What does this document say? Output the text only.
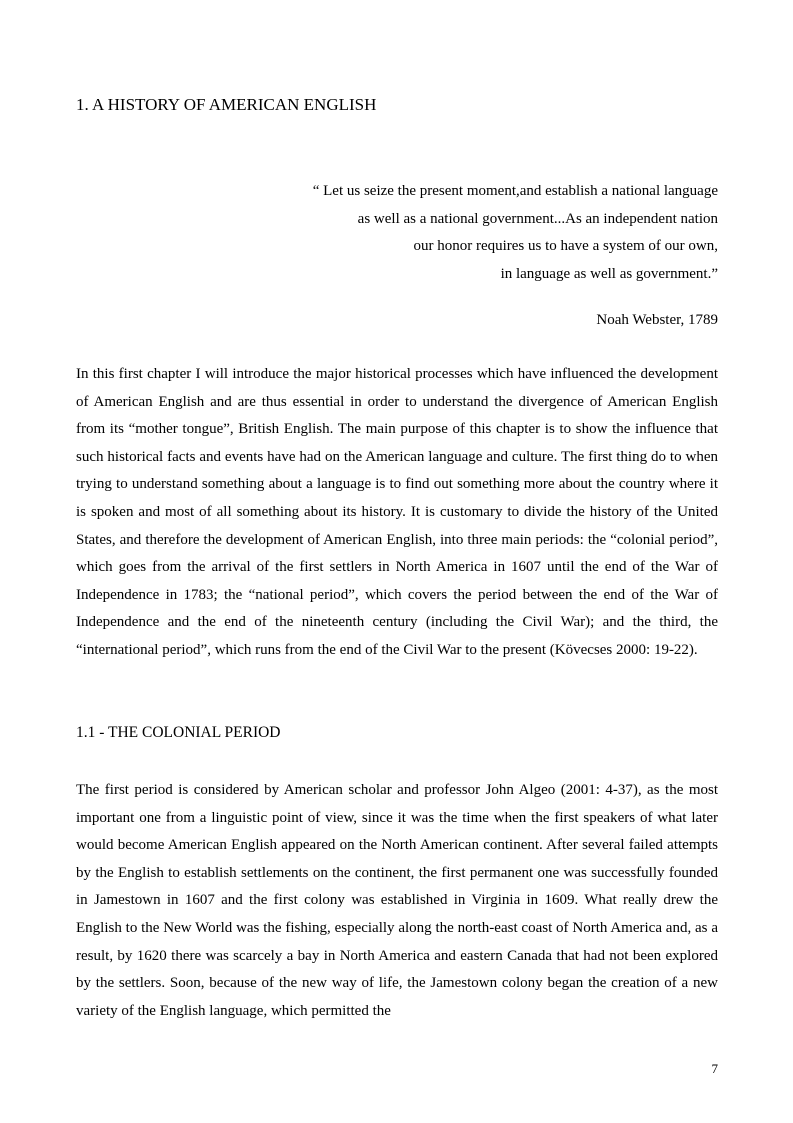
1. A HISTORY OF AMERICAN ENGLISH
“ Let us seize the present moment,and establish a national language
as well as a national government...As an independent nation
our honor requires us to have a system of our own,
in language as well as government.”
Noah Webster, 1789

In this first chapter I will introduce the major historical processes which have influenced the development of American English and are thus essential in order to understand the divergence of American English from its “mother tongue”, British English. The main purpose of this chapter is to show the influence that such historical facts and events have had on the American language and culture. The first thing do to when trying to understand something about a language is to find out something more about the country where it is spoken and most of all something about its history. It is customary to divide the history of the United States, and therefore the development of American English, into three main periods: the “colonial period”, which goes from the arrival of the first settlers in North America in 1607 until the end of the War of Independence in 1783; the “national period”, which covers the period between the end of the War of Independence and the end of the nineteenth century (including the Civil War); and the third, the “international period”, which runs from the end of the Civil War to the present (Kövecses 2000: 19-22).

1.1 - THE COLONIAL PERIOD

The first period is considered by American scholar and professor John Algeo (2001: 4-37), as the most important one from a linguistic point of view, since it was the time when the first speakers of what later would become American English appeared on the North American continent. After several failed attempts by the English to establish settlements on the continent, the first permanent one was successfully founded in Jamestown in 1607 and the first colony was established in Virginia in 1609. What really drew the English to the New World was the fishing, especially along the north-east coast of North America and, as a result, by 1620 there was scarcely a bay in North America and eastern Canada that had not been explored by the settlers. Soon, because of the new way of life, the Jamestown colony began the creation of a new variety of the English language, which permitted the

7
